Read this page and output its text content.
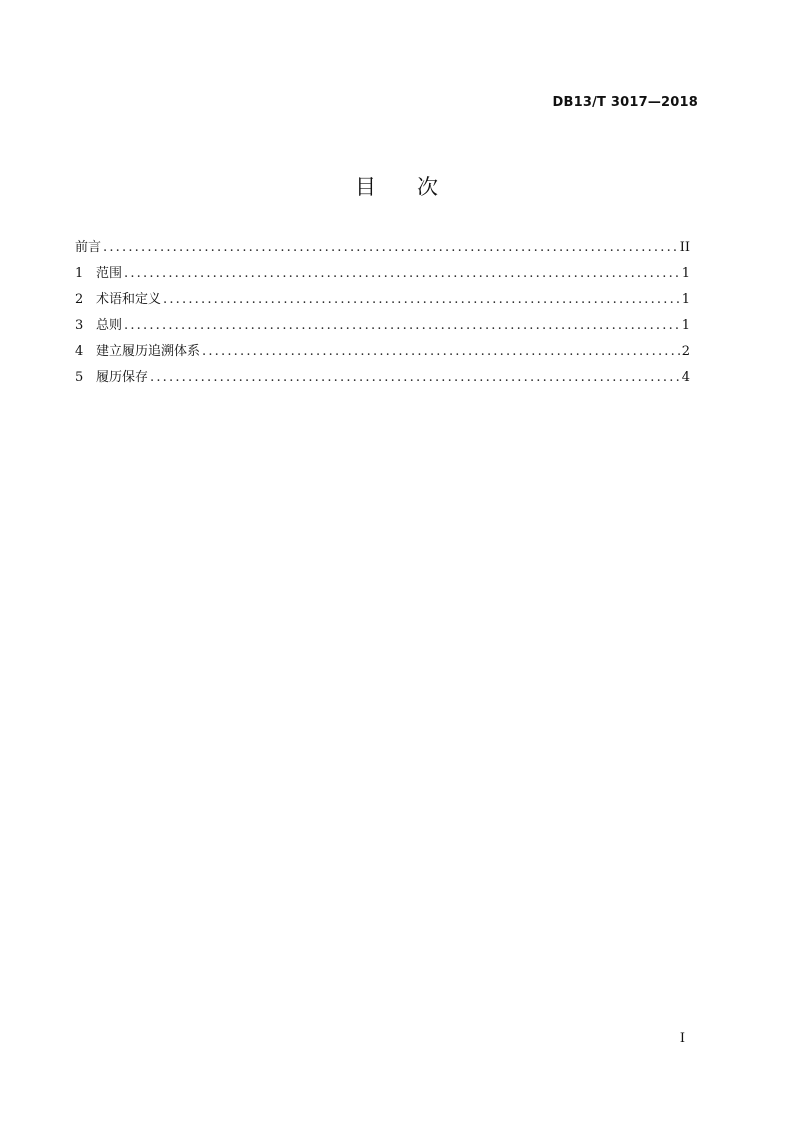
DB13/T 3017—2018
目 次
前言 .....	II
1 范围 .....	1
2 术语和定义 .....	1
3 总则 .....	1
4 建立履历追溯体系 .....	2
5 履历保存 .....	4
I
